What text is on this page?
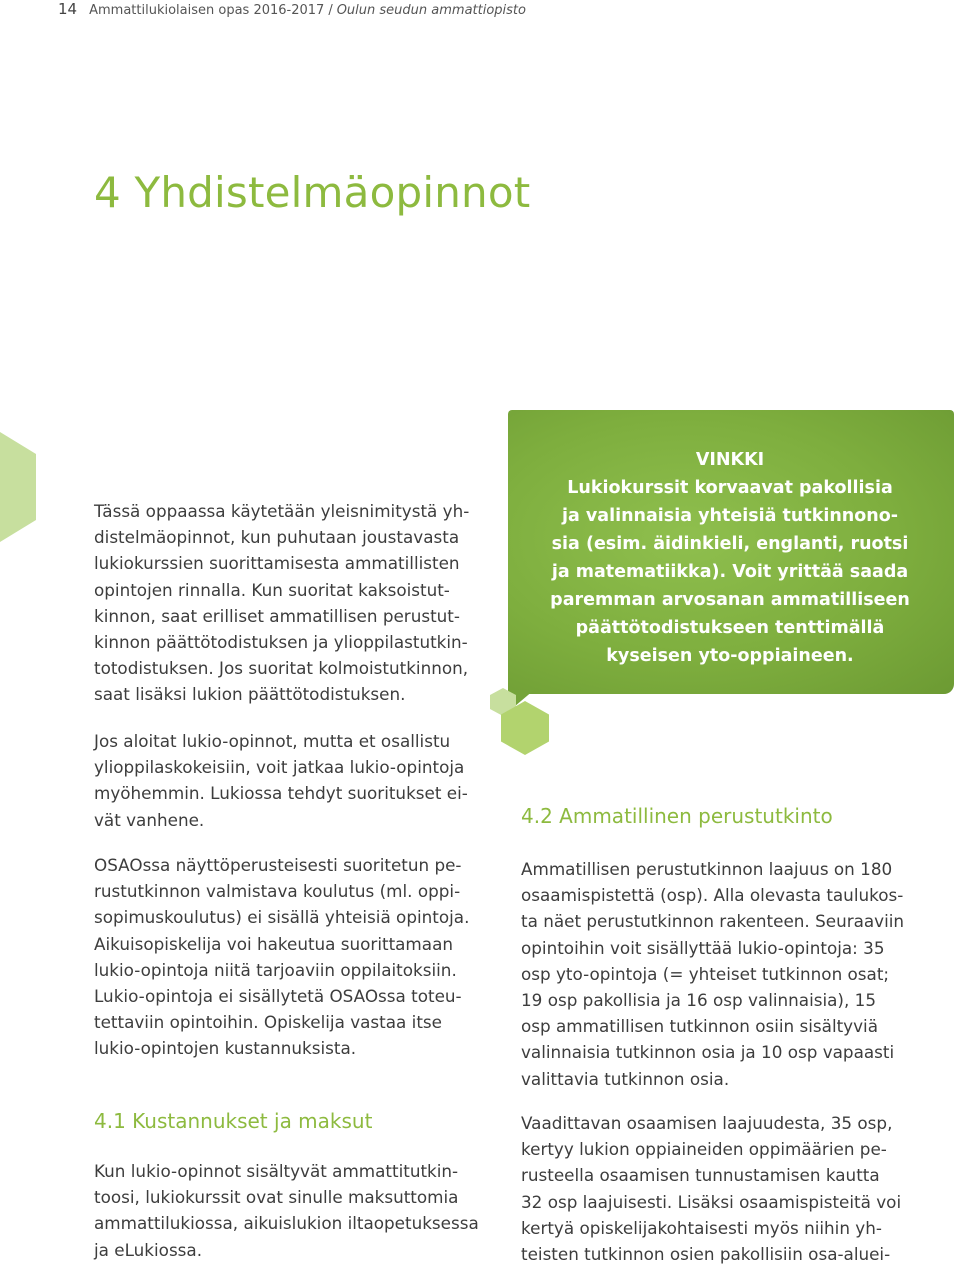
14 Ammattilukiolaisen opas 2016-2017 / Oulun seudun ammattiopisto
4 Yhdistelmäopinnot
VINKKI
Lukiokurssit korvaavat pakollisia
ja valinnaisia yhteisiä tutkinnono-
sia (esim. äidinkieli, englanti, ruotsi
ja matematiikka). Voit yrittää saada
paremman arvosanan ammatilliseen
päättötodistukseen tenttimällä
kyseisen yto-oppiaineen.

Tässä oppaassa käytetään yleisnimitystä yh-

distelmäopinnot, kun puhutaan joustavasta

lukiokurssien suorittamisesta ammatillisten

opintojen rinnalla. Kun suoritat kaksoistut-

kinnon, saat erilliset ammatillisen perustut-

kinnon päättötodistuksen ja ylioppilastutkin-

totodistuksen. Jos suoritat kolmoistutkinnon,

saat lisäksi lukion päättötodistuksen.

Jos aloitat lukio-opinnot, mutta et osallistu

ylioppilaskokeisiin, voit jatkaa lukio-opintoja

myöhemmin. Lukiossa tehdyt suoritukset ei-

vät vanhene.

OSAOssa näyttöperusteisesti suoritetun pe-

rustutkinnon valmistava koulutus (ml. oppi-

sopimuskoulutus) ei sisällä yhteisiä opintoja.

Aikuisopiskelija voi hakeutua suorittamaan

lukio-opintoja niitä tarjoaviin oppilaitoksiin.

Lukio-opintoja ei sisällytetä OSAOssa toteu-

tettaviin opintoihin. Opiskelija vastaa itse

lukio-opintojen kustannuksista.

4.1 Kustannukset ja maksut

Kun lukio-opinnot sisältyvät ammattitutkin-

toosi, lukiokurssit ovat sinulle maksuttomia

ammattilukiossa, aikuislukion iltaopetuksessa

ja eLukiossa.

4.2 Ammatillinen perustutkinto

Ammatillisen perustutkinnon laajuus on 180

osaamispistettä (osp). Alla olevasta taulukos-

ta näet perustutkinnon rakenteen. Seuraaviin

opintoihin voit sisällyttää lukio-opintoja: 35

osp yto-opintoja (= yhteiset tutkinnon osat;

19 osp pakollisia ja 16 osp valinnaisia), 15

osp ammatillisen tutkinnon osiin sisältyviä

valinnaisia tutkinnon osia ja 10 osp vapaasti

valittavia tutkinnon osia.

Vaadittavan osaamisen laajuudesta, 35 osp,

kertyy lukion oppiaineiden oppimäärien pe-

rusteella osaamisen tunnustamisen kautta

32 osp laajuisesti. Lisäksi osaamispisteitä voi

kertyä opiskelijakohtaisesti myös niihin yh-

teisten tutkinnon osien pakollisiin osa-aluei-
